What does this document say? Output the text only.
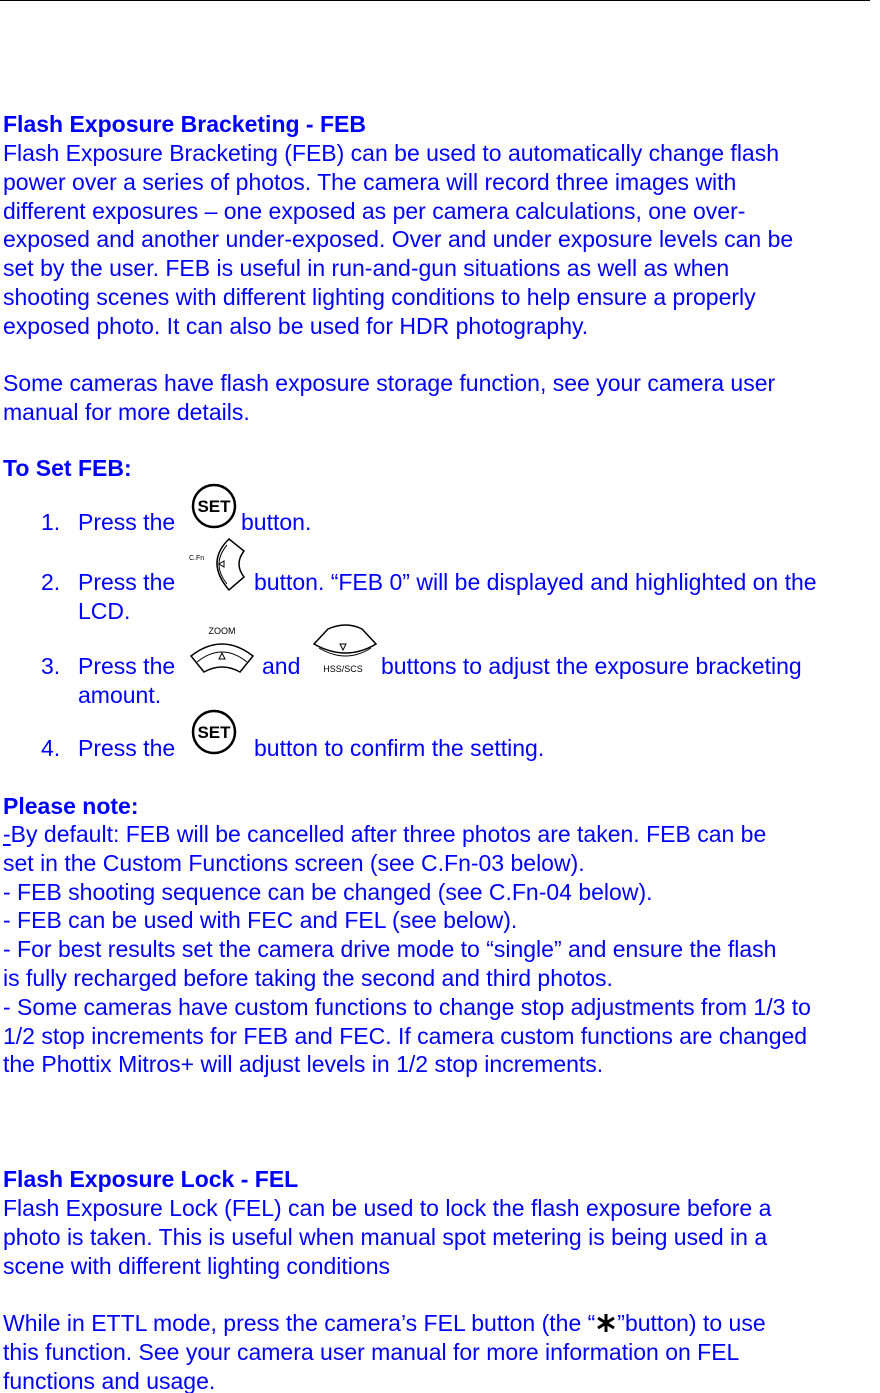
Flash Exposure Bracketing - FEB
Flash Exposure Bracketing (FEB) can be used to automatically change flash
power over a series of photos. The camera will record three images with
different exposures – one exposed as per camera calculations, one over-
exposed and another under-exposed. Over and under exposure levels can be
set by the user. FEB is useful in run-and-gun situations as well as when
shooting scenes with different lighting conditions to help ensure a properly
exposed photo. It can also be used for HDR photography.
Some cameras have flash exposure storage function, see your camera user
manual for more details.
To Set FEB:
1. Press the
SET
button.
2. Press the
C.Fn
button. “FEB 0” will be displayed and highlighted on the
LCD.
3. Press the
ZOOM
and	HSS/SCS buttons to adjust the exposure bracketing
amount.
4. Press the
SET
button to confirm the setting.
Please note:
-By default: FEB will be cancelled after three photos are taken. FEB can be
set in the Custom Functions screen (see C.Fn-03 below).
- FEB shooting sequence can be changed (see C.Fn-04 below).
- FEB can be used with FEC and FEL (see below).
- For best results set the camera drive mode to “single” and ensure the flash
is fully recharged before taking the second and third photos.
- Some cameras have custom functions to change stop adjustments from 1/3 to
1/2 stop increments for FEB and FEC. If camera custom functions are changed
the Phottix Mitros+ will adjust levels in 1/2 stop increments.
Flash Exposure Lock - FEL
Flash Exposure Lock (FEL) can be used to lock the flash exposure before a
photo is taken. This is useful when manual spot metering is being used in a
scene with different lighting conditions
While in ETTL mode, press the camera’s FEL button (the “ ”button) to use
this function. See your camera user manual for more information on FEL
functions and usage.
